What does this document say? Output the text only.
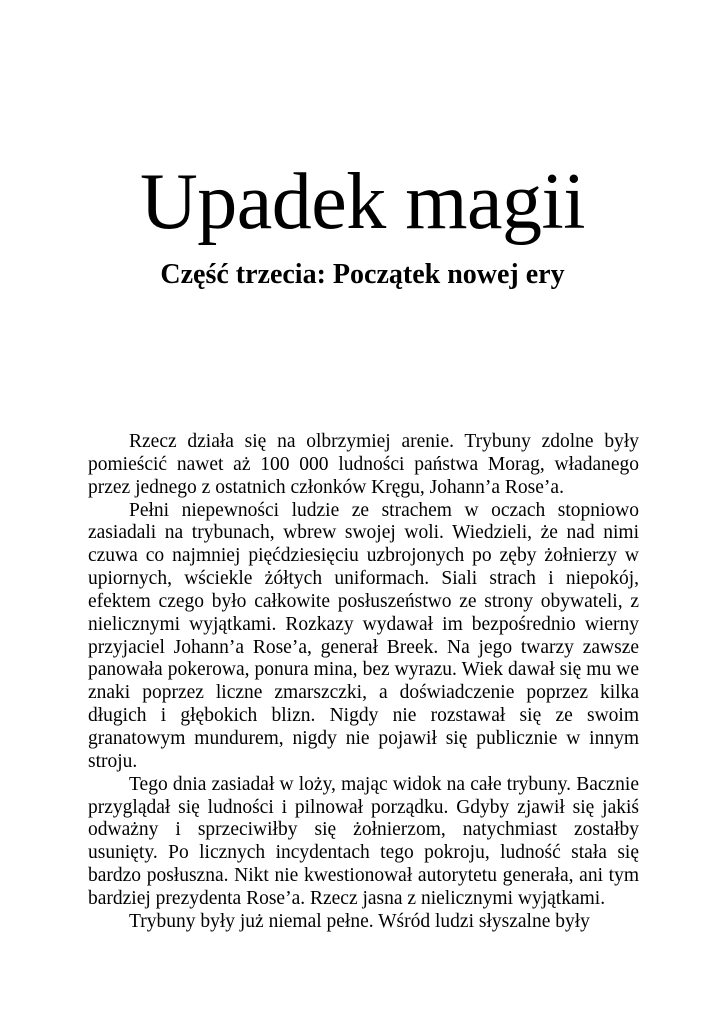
Upadek magii
Część trzecia: Początek nowej ery

Rzecz działa się na olbrzymiej arenie. Trybuny zdolne były pomieścić nawet aż 100 000 ludności państwa Morag, władanego przez jednego z ostatnich członków Kręgu, Johann’a Rose’a.

Pełni niepewności ludzie ze strachem w oczach stopniowo zasiadali na trybunach, wbrew swojej woli. Wiedzieli, że nad nimi czuwa co najmniej pięćdziesięciu uzbrojonych po zęby żołnierzy w upiornych, wściekle żółtych uniformach. Siali strach i niepokój, efektem czego było całkowite posłuszeństwo ze strony obywateli, z nielicznymi wyjątkami. Rozkazy wydawał im bezpośrednio wierny przyjaciel Johann’a Rose’a, generał Breek. Na jego twarzy zawsze panowała pokerowa, ponura mina, bez wyrazu. Wiek dawał się mu we znaki poprzez liczne zmarszczki, a doświadczenie poprzez kilka długich i głębokich blizn. Nigdy nie rozstawał się ze swoim granatowym mundurem, nigdy nie pojawił się publicznie w innym stroju.

Tego dnia zasiadał w loży, mając widok na całe trybuny. Bacznie przyglądał się ludności i pilnował porządku. Gdyby zjawił się jakiś odważny i sprzeciwiłby się żołnierzom, natychmiast zostałby usunięty. Po licznych incydentach tego pokroju, ludność stała się bardzo posłuszna. Nikt nie kwestionował autorytetu generała, ani tym bardziej prezydenta Rose’a. Rzecz jasna z nielicznymi wyjątkami.

Trybuny były już niemal pełne. Wśród ludzi słyszalne były
